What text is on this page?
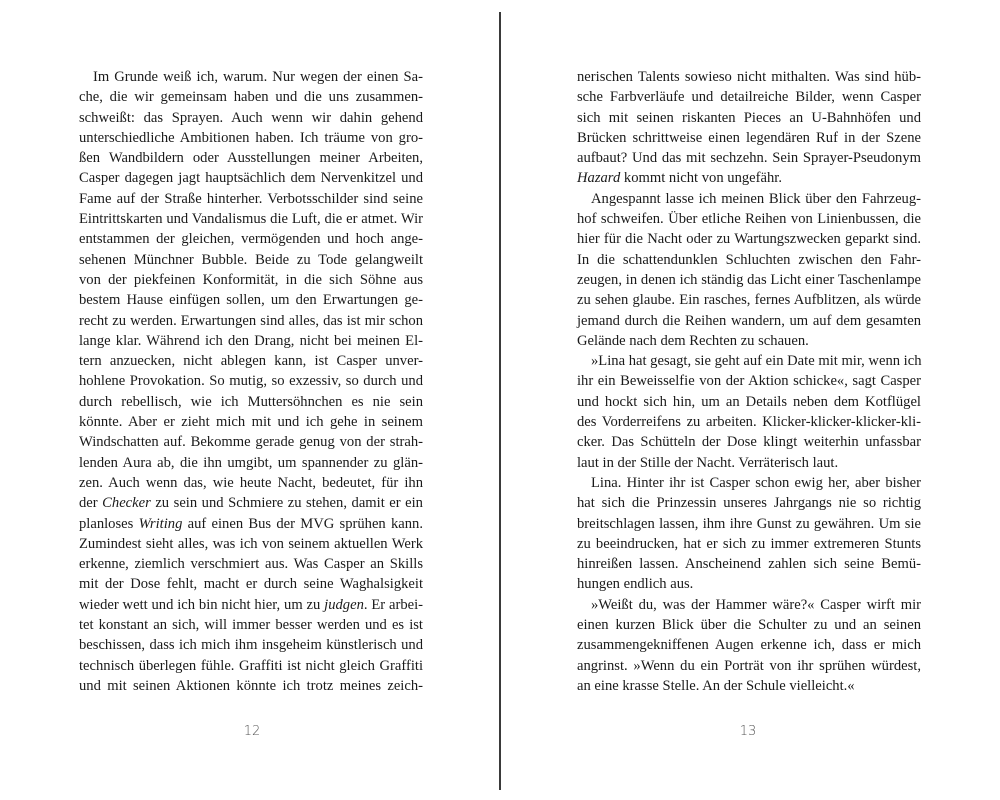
Im Grunde weiß ich, warum. Nur wegen der einen Sa-
che, die wir gemeinsam haben und die uns zusammen-
schweißt: das Sprayen. Auch wenn wir dahin gehend
unterschiedliche Ambitionen haben. Ich träume von gro-
ßen Wandbildern oder Ausstellungen meiner Arbeiten,
Casper dagegen jagt hauptsächlich dem Nervenkitzel und
Fame auf der Straße hinterher. Verbotsschilder sind seine
Eintrittskarten und Vandalismus die Luft, die er atmet. Wir
entstammen der gleichen, vermögenden und hoch ange-
sehenen Münchner Bubble. Beide zu Tode gelangweilt
von der piekfeinen Konformität, in die sich Söhne aus
bestem Hause einfügen sollen, um den Erwartungen ge-
recht zu werden. Erwartungen sind alles, das ist mir schon
lange klar. Während ich den Drang, nicht bei meinen El-
tern anzuecken, nicht ablegen kann, ist Casper unver-
hohlene Provokation. So mutig, so exzessiv, so durch und
durch rebellisch, wie ich Muttersöhnchen es nie sein
könnte. Aber er zieht mich mit und ich gehe in seinem
Windschatten auf. Bekomme gerade genug von der strah-
lenden Aura ab, die ihn umgibt, um spannender zu glän-
zen. Auch wenn das, wie heute Nacht, bedeutet, für ihn
der Checker zu sein und Schmiere zu stehen, damit er ein
planloses Writing auf einen Bus der MVG sprühen kann.
Zumindest sieht alles, was ich von seinem aktuellen Werk
erkenne, ziemlich verschmiert aus. Was Casper an Skills
mit der Dose fehlt, macht er durch seine Waghalsigkeit
wieder wett und ich bin nicht hier, um zu judgen. Er arbei-
tet konstant an sich, will immer besser werden und es ist
beschissen, dass ich mich ihm insgeheim künstlerisch und
technisch überlegen fühle. Graffiti ist nicht gleich Graffiti
und mit seinen Aktionen könnte ich trotz meines zeich-
nerischen Talents sowieso nicht mithalten. Was sind hüb-
sche Farbverläufe und detailreiche Bilder, wenn Casper
sich mit seinen riskanten Pieces an U-Bahnhöfen und
Brücken schrittweise einen legendären Ruf in der Szene
aufbaut? Und das mit sechzehn. Sein Sprayer-Pseudonym
Hazard kommt nicht von ungefähr.
Angespannt lasse ich meinen Blick über den Fahrzeug-
hof schweifen. Über etliche Reihen von Linienbussen, die
hier für die Nacht oder zu Wartungszwecken geparkt sind.
In die schattendunklen Schluchten zwischen den Fahr-
zeugen, in denen ich ständig das Licht einer Taschenlampe
zu sehen glaube. Ein rasches, fernes Aufblitzen, als würde
jemand durch die Reihen wandern, um auf dem gesamten
Gelände nach dem Rechten zu schauen.
»Lina hat gesagt, sie geht auf ein Date mit mir, wenn ich
ihr ein Beweisselfie von der Aktion schicke«, sagt Casper
und hockt sich hin, um an Details neben dem Kotflügel
des Vorderreifens zu arbeiten. Klicker-klicker-klicker-kli-
cker. Das Schütteln der Dose klingt weiterhin unfassbar
laut in der Stille der Nacht. Verräterisch laut.
Lina. Hinter ihr ist Casper schon ewig her, aber bisher
hat sich die Prinzessin unseres Jahrgangs nie so richtig
breitschlagen lassen, ihm ihre Gunst zu gewähren. Um sie
zu beeindrucken, hat er sich zu immer extremeren Stunts
hinreißen lassen. Anscheinend zahlen sich seine Bemü-
hungen endlich aus.
»Weißt du, was der Hammer wäre?« Casper wirft mir
einen kurzen Blick über die Schulter zu und an seinen
zusammengekniffenen Augen erkenne ich, dass er mich
angrinst. »Wenn du ein Porträt von ihr sprühen würdest,
an eine krasse Stelle. An der Schule vielleicht.«
12	13
